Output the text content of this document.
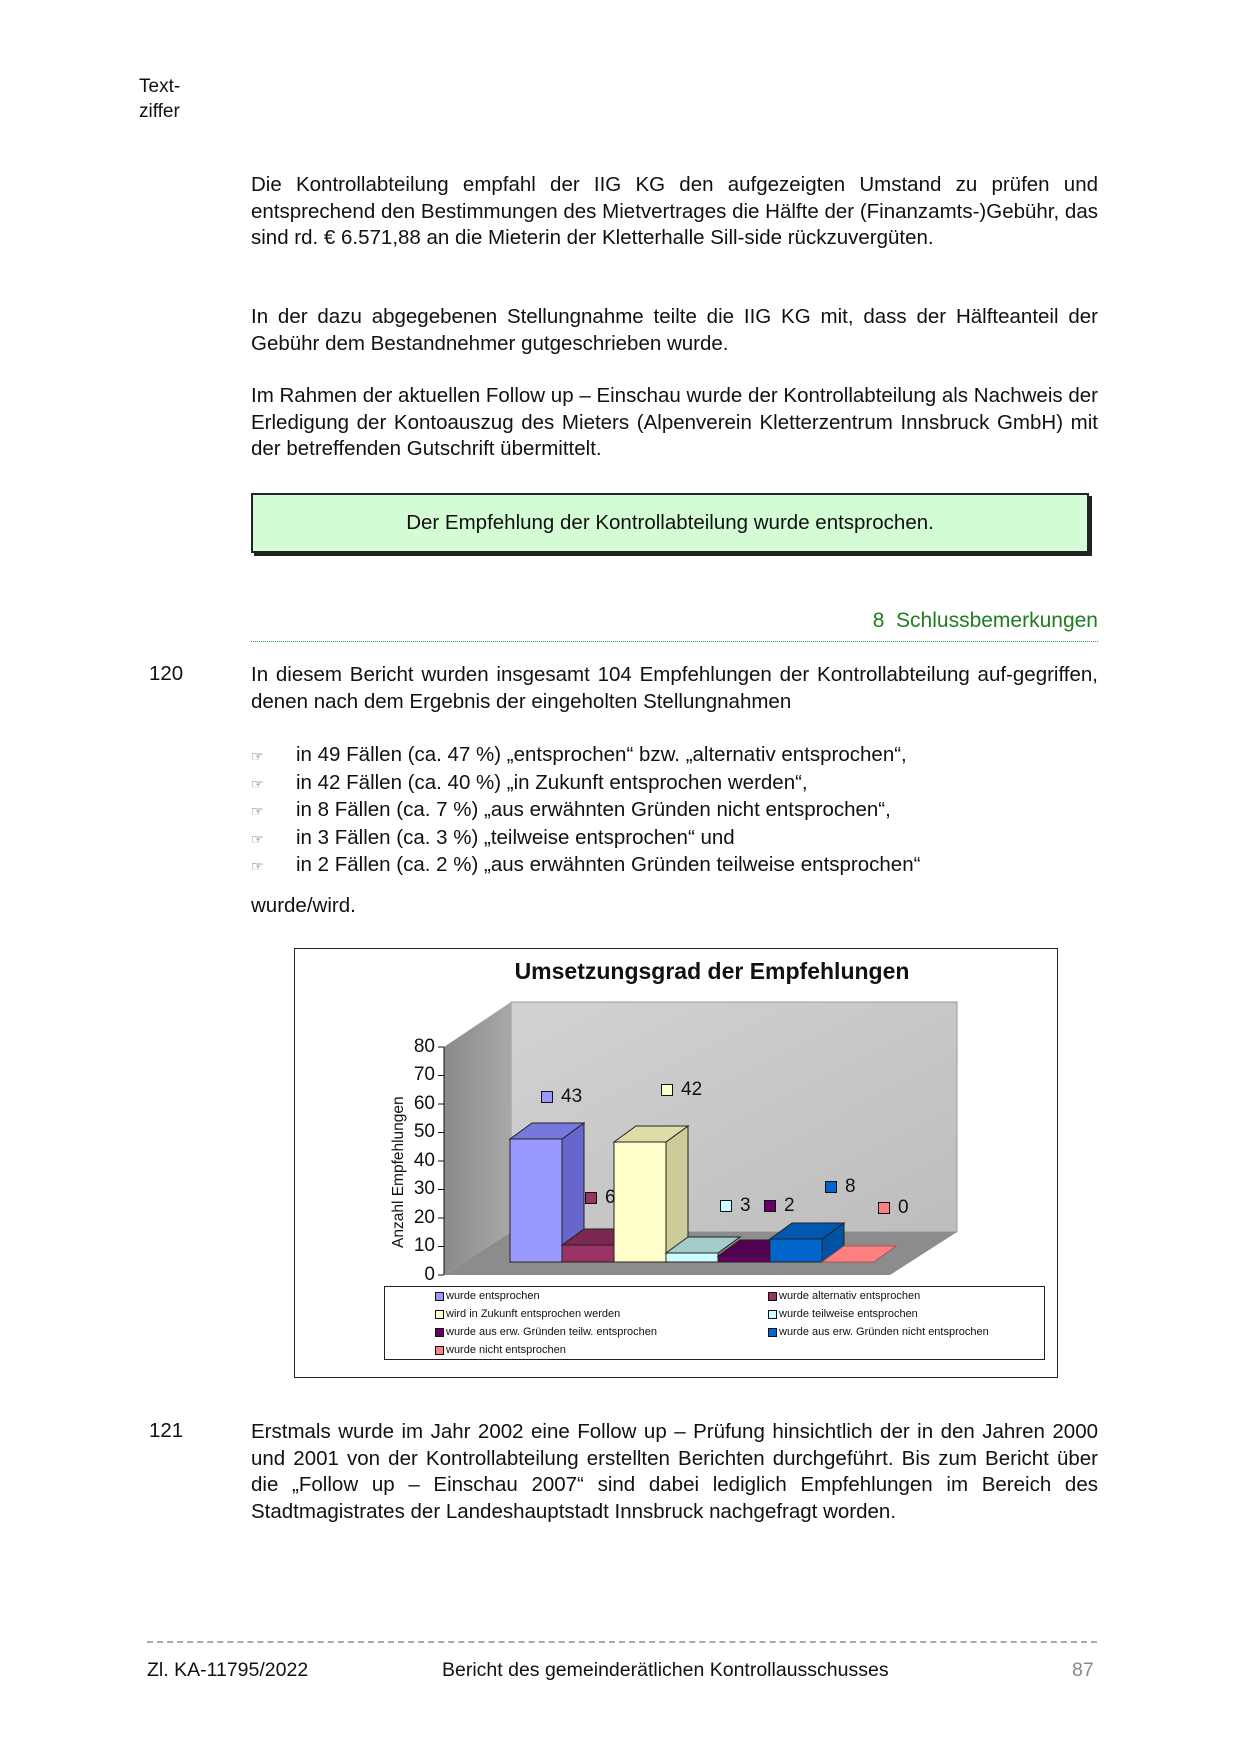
Text-
ziffer

Die Kontrollabteilung empfahl der IIG KG den aufgezeigten Umstand zu prüfen und entsprechend den Bestimmungen des Mietvertrages die Hälfte der (Finanzamts-)Gebühr, das sind rd. € 6.571,88 an die Mieterin der Kletterhalle Sill-side rückzuvergüten.

In der dazu abgegebenen Stellungnahme teilte die IIG KG mit, dass der Hälfteanteil der Gebühr dem Bestandnehmer gutgeschrieben wurde.

Im Rahmen der aktuellen Follow up – Einschau wurde der Kontrollabteilung als Nachweis der Erledigung der Kontoauszug des Mieters (Alpenverein Kletterzentrum Innsbruck GmbH) mit der betreffenden Gutschrift übermittelt.

Der Empfehlung der Kontrollabteilung wurde entsprochen.
8  Schlussbemerkungen
120	In diesem Bericht wurden insgesamt 104 Empfehlungen der Kontrollabteilung auf-gegriffen, denen nach dem Ergebnis der eingeholten Stellungnahmen

☞	in 49 Fällen (ca. 47 %) „entsprochen“ bzw. „alternativ entsprochen“,
☞	in 42 Fällen (ca. 40 %) „in Zukunft entsprochen werden“,
☞	in 8 Fällen (ca. 7 %) „aus erwähnten Gründen nicht entsprochen“,
☞	in 3 Fällen (ca. 3 %) „teilweise entsprochen“ und
☞	in 2 Fällen (ca. 2 %) „aus erwähnten Gründen teilweise entsprochen“

wurde/wird.

Umsetzungsgrad der Empfehlungen
80
70
60
50
40
30
20
10
0
Anzahl Empfehlungen	43
6
42
3 2
8
0
wurde entsprochen	wurde alternativ entsprochen
wird in Zukunft entsprochen werden	wurde teilweise entsprochen
wurde aus erw. Gründen teilw. entsprochen	wurde aus erw. Gründen nicht entsprochen
wurde nicht entsprochen
121	Erstmals wurde im Jahr 2002 eine Follow up – Prüfung hinsichtlich der in den Jahren 2000 und 2001 von der Kontrollabteilung erstellten Berichten durchgeführt. Bis zum Bericht über die „Follow up – Einschau 2007“ sind dabei lediglich Empfehlungen im Bereich des Stadtmagistrates der Landeshauptstadt Innsbruck nachgefragt worden.

Zl. KA-11795/2022	Bericht des gemeinderätlichen Kontrollausschusses	87
